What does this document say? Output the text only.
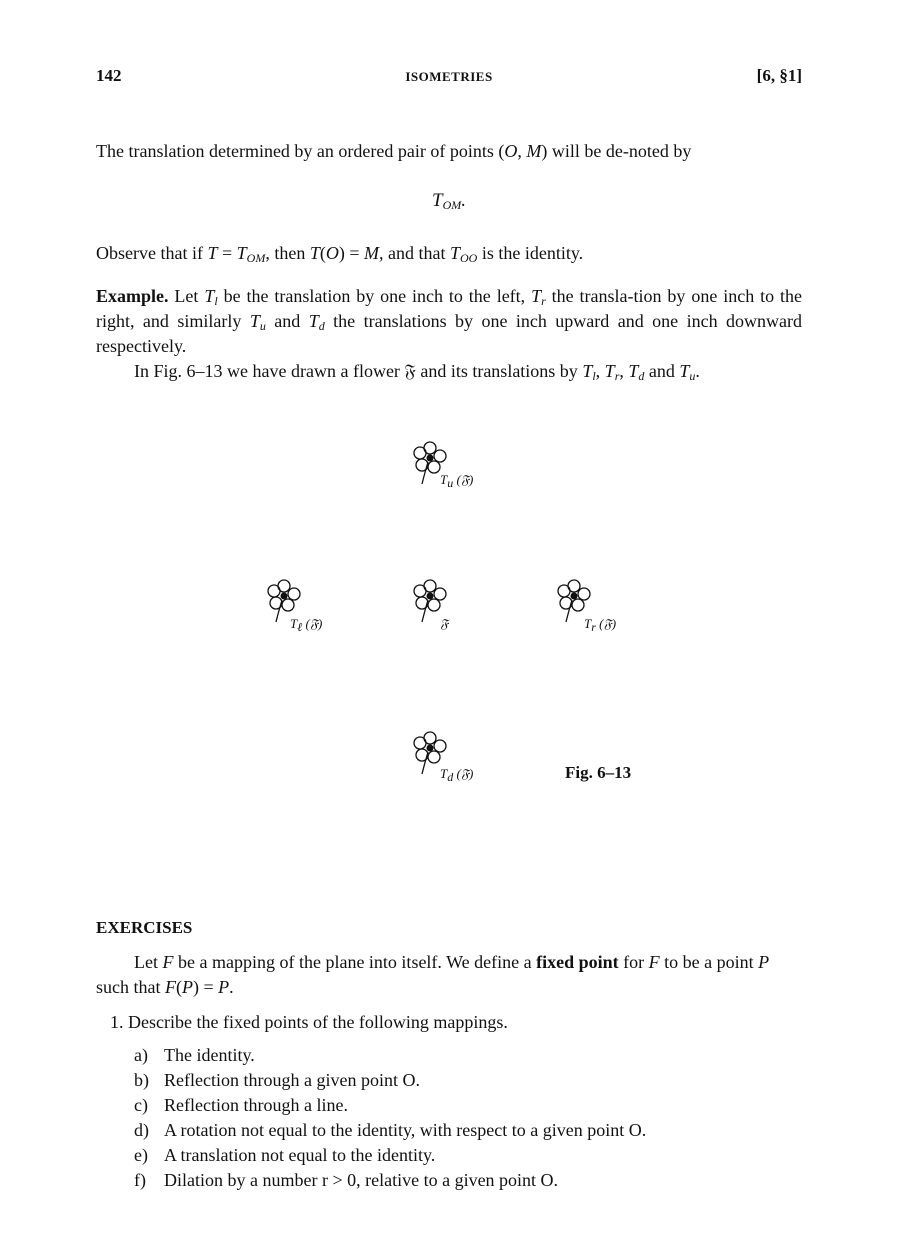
142	ISOMETRIES	[6, §1]
The translation determined by an ordered pair of points (O, M) will be de-noted by
$T_{OM}$.
Observe that if $T = T_{OM}$, then T(O) = M, and that $T_{OO}$ is the identity.
Example. Let $T_l$ be the translation by one inch to the left, $T_r$ the transla-tion by one inch to the right, and similarly $T_u$ and $T_d$ the translations by one inch upward and one inch downward respectively.
In Fig. 6–13 we have drawn a flower 𝔉 and its translations by $T_l$, $T_r$, $T_d$ and $T_u$.
$T_u$ (𝔉)
$T_\ell$ (𝔉)	𝔉	$T_r$ (𝔉)
$T_d$ (𝔉)	Fig. 6–13
EXERCISES
Let F be a mapping of the plane into itself. We define a fixed point for F to be a point P such that F(P) = P.
1. Describe the fixed points of the following mappings.
a) The identity.
b) Reflection through a given point O.
c) Reflection through a line.
d) A rotation not equal to the identity, with respect to a given point O.
e) A translation not equal to the identity.
f) Dilation by a number r > 0, relative to a given point O.
